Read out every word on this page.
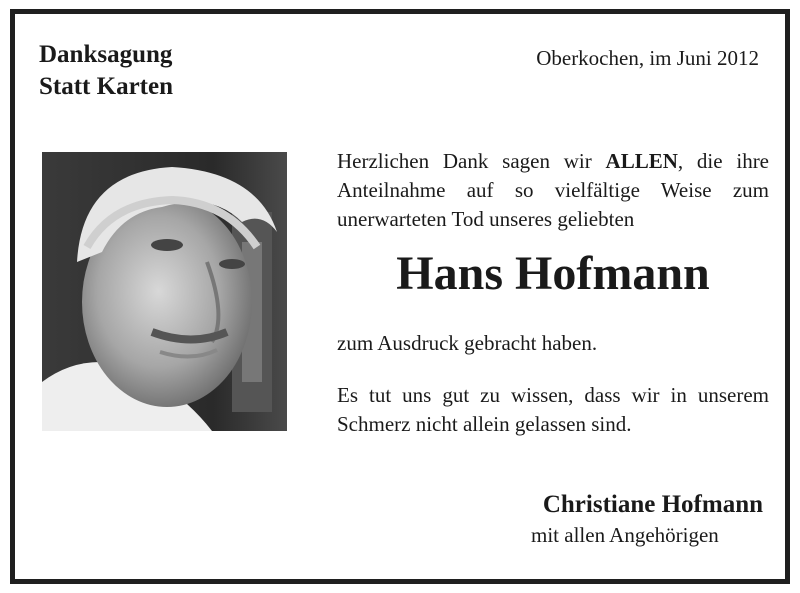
Danksagung
Statt Karten
Oberkochen, im Juni 2012
Herzlichen Dank sagen wir ALLEN, die ihre Anteilnahme auf so vielfältige Weise zum unerwarteten Tod unseres geliebten
Hans Hofmann
zum Ausdruck gebracht haben.
Es tut uns gut zu wissen, dass wir in unserem Schmerz nicht allein gelassen sind.
Christiane Hofmann
mit allen Angehörigen
